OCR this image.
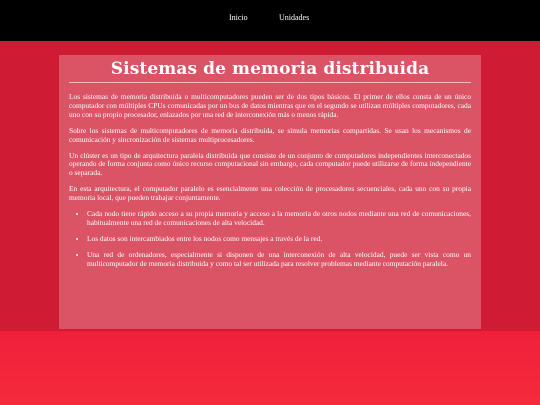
Inicio	Unidades
Sistemas de memoria distribuida

Los sistemas de memoria distribuida o multicomputadores pueden ser de dos tipos básicos. El primer de ellos consta de un único computador con múltiples CPUs comunicadas por un bus de datos mientras que en el segundo se utilizan múltiples computadores, cada uno con su propio procesador, enlazados por una red de interconexión más o menos rápida.

Sobre los sistemas de multicomputadores de memoria distribuida, se simula memorias compartidas. Se usan los mecanismos de comunicación y sincronización de sistemas multiprocesadores.

Un clúster es un tipo de arquitectura paralela distribuida que consiste de un conjunto de computadores independientes interconectados operando de forma conjunta como único recurso computacional sin embargo, cada computador puede utilizarse de forma independiente o separada.

En esta arquitectura, el computador paralelo es esencialmente una colección de procesadores secuenciales, cada uno con su propia memoria local, que pueden trabajar conjuntamente.

• Cada nodo tiene rápido acceso a su propia memoria y acceso a la memoria de otros nodos mediante una red de comunicaciones, habitualmente una red de comunicaciones de alta velocidad.
• Los datos son intercambiados entre los nodos como mensajes a través de la red.
• Una red de ordenadores, especialmente si disponen de una interconexión de alta velocidad, puede ser vista como un multicomputador de memoria distribuida y como tal ser utilizada para resolver problemas mediante computación paralela.
